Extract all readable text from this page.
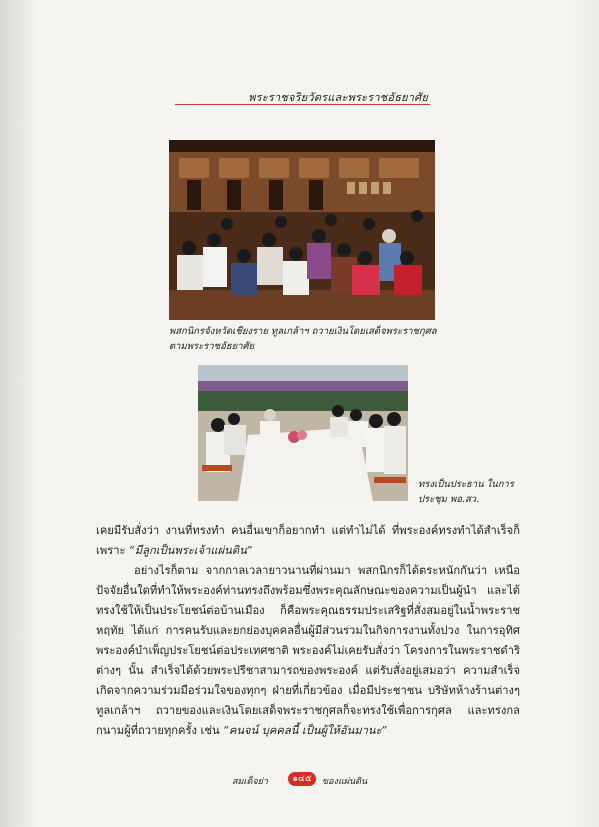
พระราชจริยวัตรและพระราชอัธยาศัย
พสกนิกรจังหวัดเชียงราย ทูลเกล้าฯ ถวายเงินโดยเสด็จพระราชกุศล ตามพระราชอัธยาศัย
ทรงเป็นประธาน ในการประชุม พอ.สว.

เคยมีรับสั่งว่า งานที่ทรงทำ คนอื่นเขาก็อยากทำ แต่ทำไม่ได้ ที่พระองค์ทรงทำได้สำเร็จก็เพราะ “มีลูกเป็นพระเจ้าแผ่นดิน”

อย่างไรก็ตาม จากกาลเวลายาวนานที่ผ่านมา พสกนิกรก็ได้ตระหนักกันว่า เหนือปัจจัยอื่นใดที่ทำให้พระองค์ท่านทรงถึงพร้อมซึ่งพระคุณลักษณะของความเป็นผู้นำ และได้ทรงใช้ให้เป็นประโยชน์ต่อบ้านเมือง ก็คือพระคุณธรรมประเสริฐที่สั่งสมอยู่ในน้ำพระราชหฤทัย ได้แก่ การคนรับและยกย่องบุคคลอื่นผู้มีส่วนรวมในกิจการงานทั้งปวง ในการอุทิศพระองค์บำเพ็ญประโยชน์ต่อประเทศชาติ พระองค์ไม่เคยรับสั่งว่า โครงการในพระราชดำริต่างๆ นั้น สำเร็จได้ด้วยพระปรีชาสามารถของพระองค์ แต่รับสั่งอยู่เสมอว่า ความสำเร็จเกิดจากความร่วมมือร่วมใจของทุกๆ ฝ่ายที่เกี่ยวข้อง เมื่อมีประชาชน บริษัทห้างร้านต่างๆ ทูลเกล้าฯ ถวายของและเงินโดยเสด็จพระราชกุศลก็จะทรงใช้เพื่อการกุศล และทรงกลกนามผู้ที่ถวายทุกครั้ง เช่น “คนจน์ บุคคลนี้ เป็นผู้ให้อันมานะ”

สมเด็จย่า	๑๔๕	ของแผ่นดิน
